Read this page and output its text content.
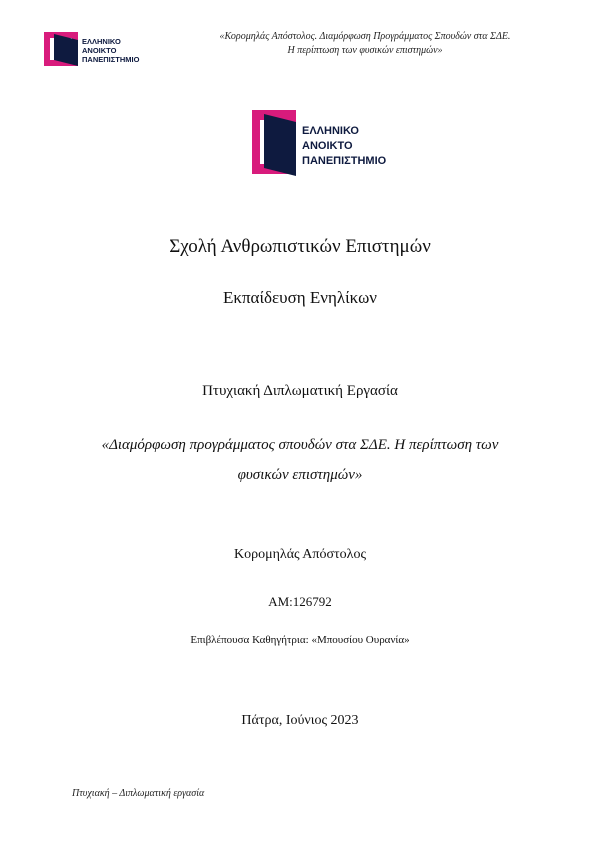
ΕΛΛΗΝΙΚΟ
ΑΝΟΙΚΤΟ
ΠΑΝΕΠΙΣΤΗΜΙΟ
«Κορομηλάς Απόστολος. Διαμόρφωση Προγράμματος Σπουδών στα ΣΔΕ.
Η περίπτωση των φυσικών επιστημών»
ΕΛΛΗΝΙΚΟ
ΑΝΟΙΚΤΟ
ΠΑΝΕΠΙΣΤΗΜΙΟ
Σχολή Ανθρωπιστικών Επιστημών
Εκπαίδευση Ενηλίκων
Πτυχιακή Διπλωματική Εργασία
«Διαμόρφωση προγράμματος σπουδών στα ΣΔΕ. Η περίπτωση των
φυσικών επιστημών»
Κορομηλάς Απόστολος
ΑΜ:126792
Επιβλέπουσα Καθηγήτρια: «Μπουσίου Ουρανία»
Πάτρα, Ιούνιος 2023
Πτυχιακή – Διπλωματική εργασία
